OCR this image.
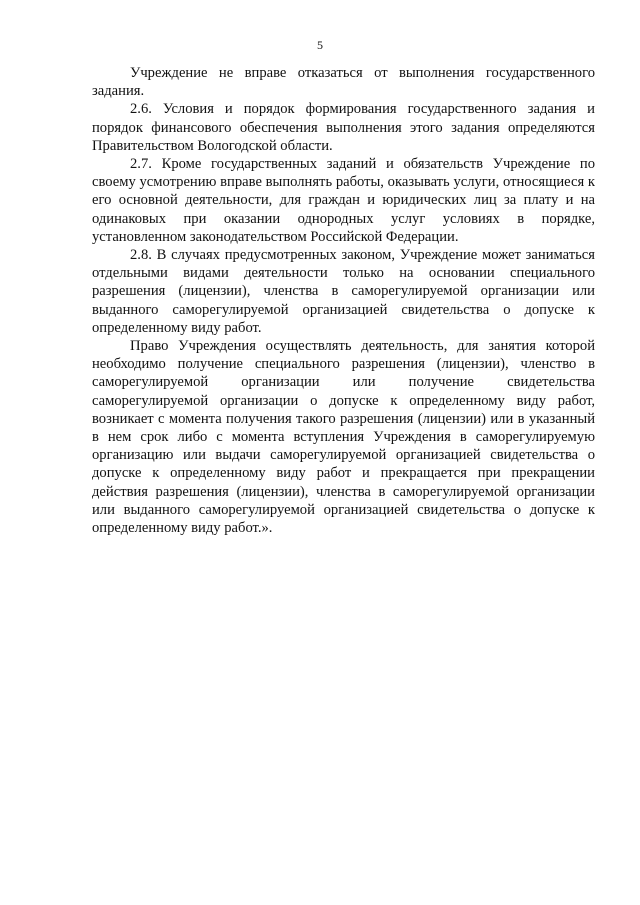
5

Учреждение не вправе отказаться от выполнения государственного задания.

2.6. Условия и порядок формирования государственного задания и порядок финансового обеспечения выполнения этого задания определяются Правительством Вологодской области.

2.7. Кроме государственных заданий и обязательств Учреждение по своему усмотрению вправе выполнять работы, оказывать услуги, относящиеся к его основной деятельности, для граждан и юридических лиц за плату и на одинаковых при оказании однородных услуг условиях в порядке, установленном законодательством Российской Федерации.

2.8. В случаях предусмотренных законом, Учреждение может заниматься отдельными видами деятельности только на основании специального разрешения (лицензии), членства в саморегулируемой организации или выданного саморегулируемой организацией свидетельства о допуске к определенному виду работ.

Право Учреждения осуществлять деятельность, для занятия которой необходимо получение специального разрешения (лицензии), членство в саморегулируемой организации или получение свидетельства саморегулируемой организации о допуске к определенному виду работ, возникает с момента получения такого разрешения (лицензии) или в указанный в нем срок либо с момента вступления Учреждения в саморегулируемую организацию или выдачи саморегулируемой организацией свидетельства о допуске к определенному виду работ и прекращается при прекращении действия разрешения (лицензии), членства в саморегулируемой организации или выданного саморегулируемой организацией свидетельства о допуске к определенному виду работ.».
